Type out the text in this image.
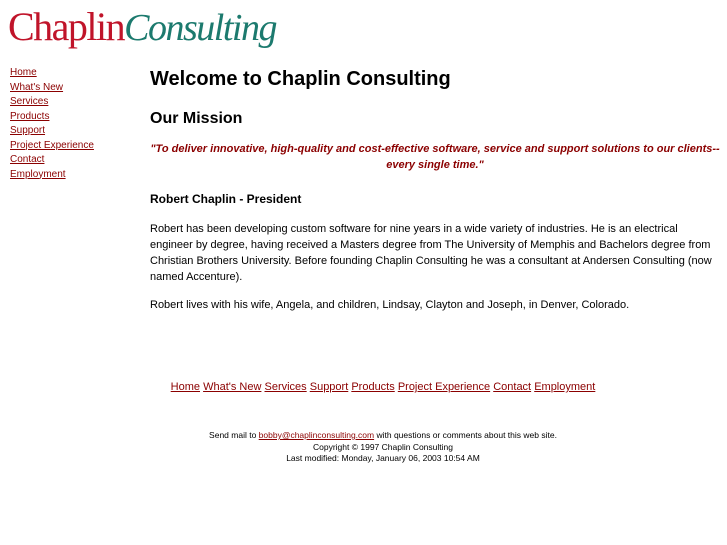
ChaplinConsulting
Home
What's New
Services
Products
Support
Project Experience
Contact
Employment
Welcome to Chaplin Consulting
Our Mission

"To deliver innovative, high-quality and cost-effective software, service and support solutions to our clients--every single time."

Robert Chaplin - President

Robert has been developing custom software for nine years in a wide variety of industries. He is an electrical engineer by degree, having received a Masters degree from The University of Memphis and Bachelors degree from Christian Brothers University. Before founding Chaplin Consulting he was a consultant at Andersen Consulting (now named Accenture).

Robert lives with his wife, Angela, and children, Lindsay, Clayton and Joseph, in Denver, Colorado.

Home What's New Services Support Products Project Experience Contact Employment
Send mail to bobby@chaplinconsulting.com with questions or comments about this web site.
Copyright © 1997 Chaplin Consulting
Last modified: Monday, January 06, 2003 10:54 AM
